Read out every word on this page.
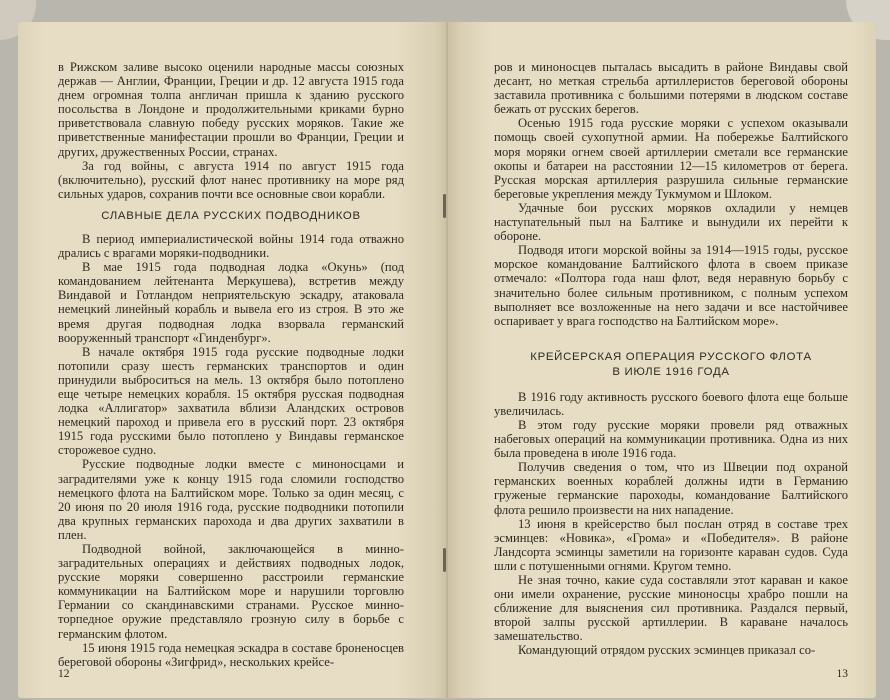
в Рижском заливе высоко оценили народные массы союзных держав — Англии, Франции, Греции и др. 12 августа 1915 года днем огромная толпа англичан пришла к зданию русского посольства в Лондоне и продолжительными криками бурно приветствовала славную победу русских моряков. Такие же приветственные манифестации прошли во Франции, Греции и других, дружественных России, странах.

За год войны, с августа 1914 по август 1915 года (включительно), русский флот нанес противнику на море ряд сильных ударов, сохранив почти все основные свои корабли.

СЛАВНЫЕ ДЕЛА РУССКИХ ПОДВОДНИКОВ

В период империалистической войны 1914 года отважно дрались с врагами моряки-подводники.

В мае 1915 года подводная лодка «Окунь» (под командованием лейтенанта Меркушева), встретив между Виндавой и Готландом неприятельскую эскадру, атаковала немецкий линейный корабль и вывела его из строя. В это же время другая подводная лодка взорвала германский вооруженный транспорт «Гинденбург».

В начале октября 1915 года русские подводные лодки потопили сразу шесть германских транспортов и один принудили выброситься на мель. 13 октября было потоплено еще четыре немецких корабля. 15 октября русская подводная лодка «Аллигатор» захватила вблизи Аландских островов немецкий пароход и привела его в русский порт. 23 октября 1915 года русскими было потоплено у Виндавы германское сторожевое судно.

Русские подводные лодки вместе с миноносцами и заградителями уже к концу 1915 года сломили господство немецкого флота на Балтийском море. Только за один месяц, с 20 июня по 20 июля 1916 года, русские подводники потопили два крупных германских парохода и два других захватили в плен.

Подводной войной, заключающейся в минно-заградительных операциях и действиях подводных лодок, русские моряки совершенно расстроили германские коммуникации на Балтийском море и нарушили торговлю Германии со скандинавскими странами. Русское минно-торпедное оружие представляло грозную силу в борьбе с германским флотом.

15 июня 1915 года немецкая эскадра в составе броненосцев береговой обороны «Зигфрид», нескольких крейсе-

12

ров и миноносцев пыталась высадить в районе Виндавы свой десант, но меткая стрельба артиллеристов береговой обороны заставила противника с большими потерями в людском составе бежать от русских берегов.

Осенью 1915 года русские моряки с успехом оказывали помощь своей сухопутной армии. На побережье Балтийского моря моряки огнем своей артиллерии сметали все германские окопы и батареи на расстоянии 12—15 километров от берега. Русская морская артиллерия разрушила сильные германские береговые укрепления между Тукмумом и Шлоком.

Удачные бои русских моряков охладили у немцев наступательный пыл на Балтике и вынудили их перейти к обороне.

Подводя итоги морской войны за 1914—1915 годы, русское морское командование Балтийского флота в своем приказе отмечало: «Полтора года наш флот, ведя неравную борьбу с значительно более сильным противником, с полным успехом выполняет все возложенные на него задачи и все настойчивее оспаривает у врага господство на Балтийском море».

КРЕЙСЕРСКАЯ ОПЕРАЦИЯ РУССКОГО ФЛОТА
В ИЮЛЕ 1916 ГОДА

В 1916 году активность русского боевого флота еще больше увеличилась.

В этом году русские моряки провели ряд отважных набеговых операций на коммуникации противника. Одна из них была проведена в июле 1916 года.

Получив сведения о том, что из Швеции под охраной германских военных кораблей должны идти в Германию груженые германские пароходы, командование Балтийского флота решило произвести на них нападение.

13 июня в крейсерство был послан отряд в составе трех эсминцев: «Новика», «Грома» и «Победителя». В районе Ландсорта эсминцы заметили на горизонте караван судов. Суда шли с потушенными огнями. Кругом темно.

Не зная точно, какие суда составляли этот караван и какое они имели охранение, русские миноносцы храбро пошли на сближение для выяснения сил противника. Раздался первый, второй залпы русской артиллерии. В караване началось замешательство.

Командующий отрядом русских эсминцев приказал со-

13
